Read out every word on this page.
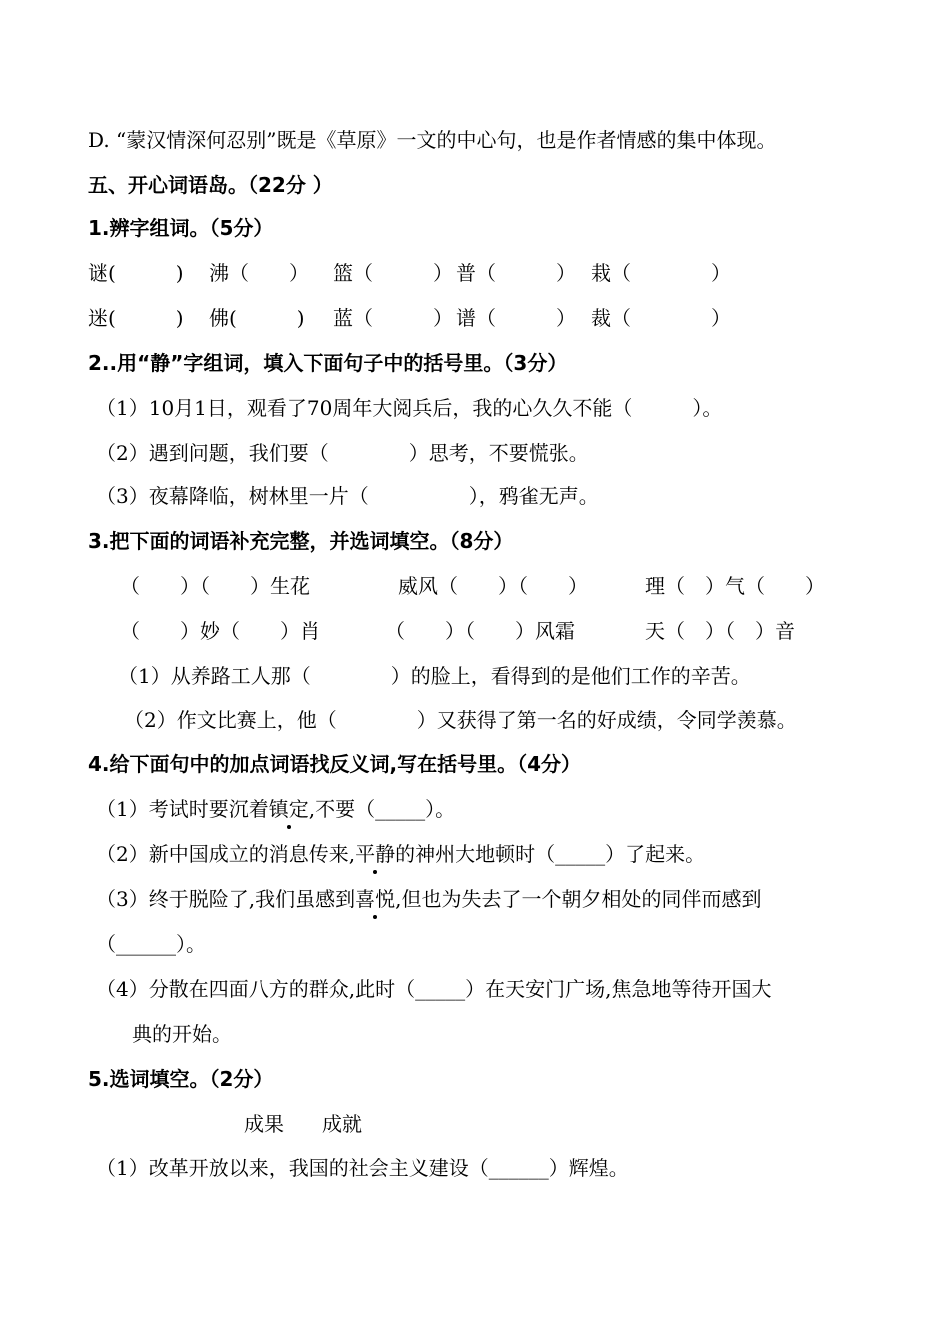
D. “蒙汉情深何忍别”既是《草原》一文的中心句，也是作者情感的集中体现。
五、开心词语岛。（22分 ）
1.辨字组词。（5分）
谜(　　　) 沸（　　） 篮（　　　） 普（　　　） 栽（　　　　）
迷(　　　) 佛(　　　) 蓝（　　　） 谱（　　　） 裁（　　　　）
2..用“静”字组词，填入下面句子中的括号里。（3分）
（1）10月1日，观看了70周年大阅兵后，我的心久久不能（　　　）。
（2）遇到问题，我们要（　　　　）思考，不要慌张。
（3）夜幕降临，树林里一片（　　　　　），鸦雀无声。
3.把下面的词语补充完整，并选词填空。（8分）
（　　）（　　）生花	威风（　　）（　　）	理（　）气（　　）
（　　）妙（　　）肖	（　　）（　　）风霜	天（　）（　）音
（1）从养路工人那（　　　　）的脸上，看得到的是他们工作的辛苦。
（2）作文比赛上，他（　　　　）又获得了第一名的好成绩，令同学羡慕。
4.给下面句中的加点词语找反义词,写在括号里。（4分）
（1）考试时要沉着镇定,不要（_____）。
（2）新中国成立的消息传来,平静的神州大地顿时（_____）了起来。
（3）终于脱险了,我们虽感到喜悦,但也为失去了一个朝夕相处的同伴而感到
（______）。
（4）分散在四面八方的群众,此时（_____）在天安门广场,焦急地等待开国大
典的开始。
5.选词填空。（2分）
成果 成就
（1）改革开放以来，我国的社会主义建设（______）辉煌。
